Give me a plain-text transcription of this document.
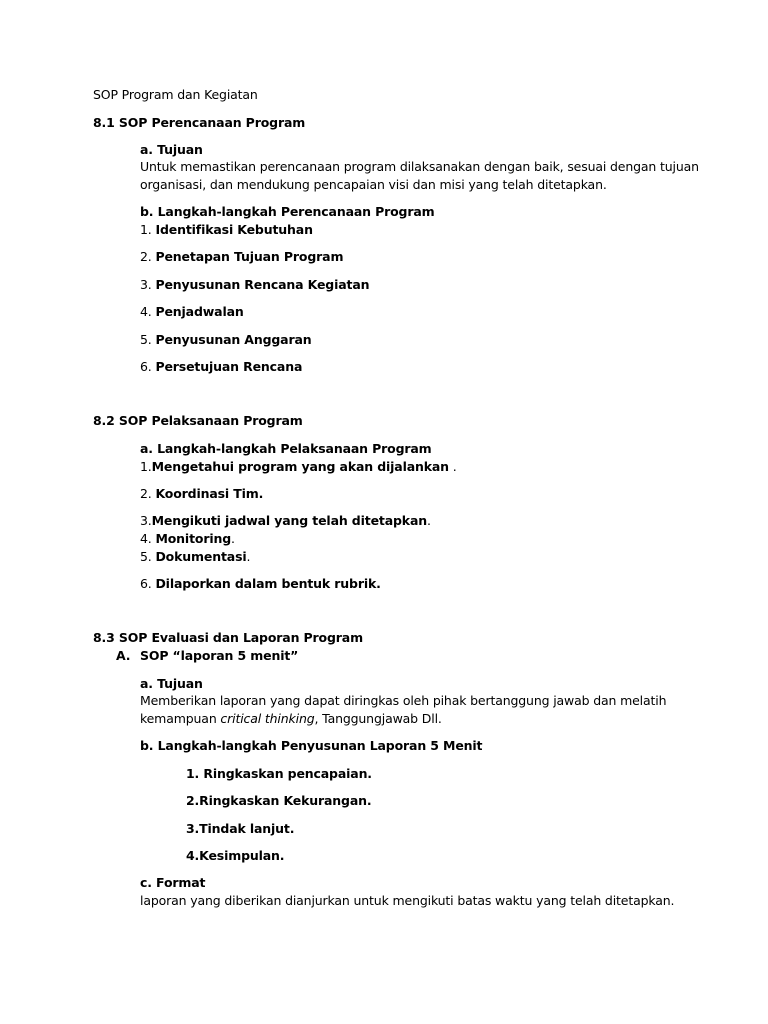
SOP Program dan Kegiatan
8.1 SOP Perencanaan Program
a. Tujuan
Untuk memastikan perencanaan program dilaksanakan dengan baik, sesuai dengan tujuan
organisasi, dan mendukung pencapaian visi dan misi yang telah ditetapkan.
b. Langkah-langkah Perencanaan Program
1. Identifikasi Kebutuhan
2. Penetapan Tujuan Program
3. Penyusunan Rencana Kegiatan
4. Penjadwalan
5. Penyusunan Anggaran
6. Persetujuan Rencana
8.2 SOP Pelaksanaan Program
a. Langkah-langkah Pelaksanaan Program
1.Mengetahui program yang akan dijalankan .
2. Koordinasi Tim.
3.Mengikuti jadwal yang telah ditetapkan.
4. Monitoring.
5. Dokumentasi.
6. Dilaporkan dalam bentuk rubrik.
8.3 SOP Evaluasi dan Laporan Program
A. SOP “laporan 5 menit”
a. Tujuan
Memberikan laporan yang dapat diringkas oleh pihak bertanggung jawab dan melatih
kemampuan critical thinking, Tanggungjawab Dll.
b. Langkah-langkah Penyusunan Laporan 5 Menit
1. Ringkaskan pencapaian.
2.Ringkaskan Kekurangan.
3.Tindak lanjut.
4.Kesimpulan.
c. Format
laporan yang diberikan dianjurkan untuk mengikuti batas waktu yang telah ditetapkan.
